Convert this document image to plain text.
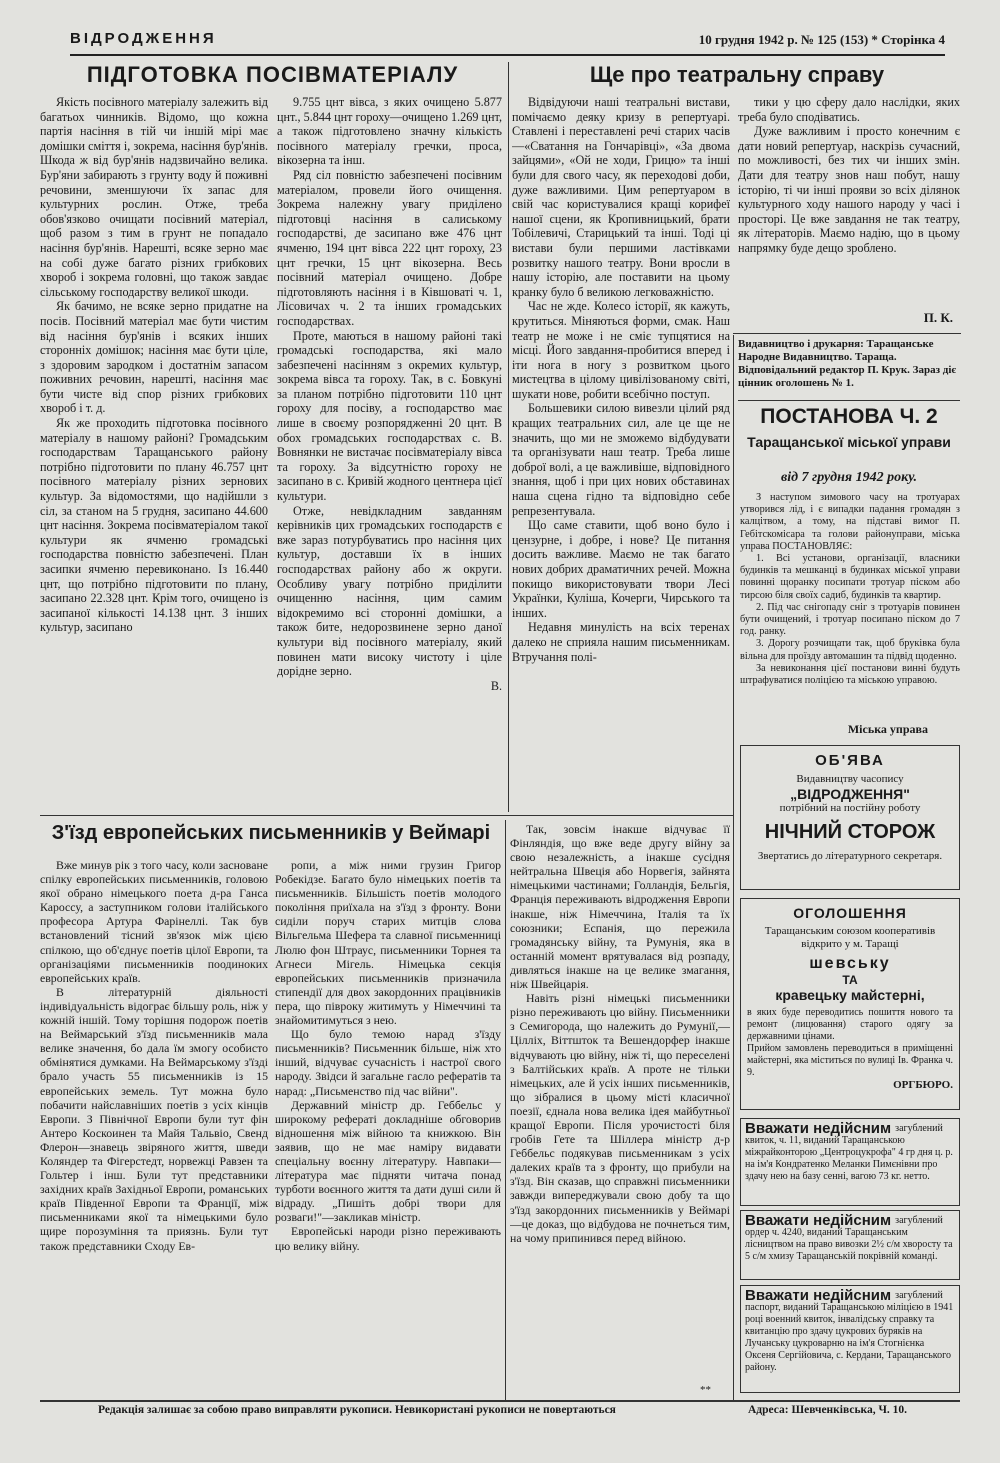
ВІДРОДЖЕННЯ	10 грудня 1942 р. № 125 (153) * Сторінка 4
ПІДГОТОВКА ПОСІВМАТЕРІАЛУ

Якість посівного матеріалу залежить від багатьох чинників. Відомо, що кожна партія насіння в тій чи іншій мірі має домішки сміття і, зокрема, насіння бур'янів. Шкода ж від бур'янів надзвичайно велика. Бур'яни забирають з грунту воду й поживні речовини, зменшуючи їх запас для культурних рослин. Отже, треба обов'язково очищати посівний матеріал, щоб разом з тим в грунт не попадало насіння бур'янів. Нарешті, всяке зерно має на собі дуже багато різних грибкових хвороб і зокрема головні, що також завдає сільському господарству великої шкоди.

Як бачимо, не всяке зерно придатне на посів. Посівний матеріал має бути чистим від насіння бур'янів і всяких інших сторонніх домішок; насіння має бути ціле, з здоровим зародком і достатнім запасом поживних речовин, нарешті, насіння має бути чисте від спор різних грибкових хвороб і т. д.

Як же проходить підготовка посівного матеріалу в нашому районі? Громадським господарствам Таращанського району потрібно підготовити по плану 46.757 цнт посівного матеріалу різних зернових культур. За відомостями, що надійшли з сіл, за станом на 5 грудня, засипано 44.600 цнт насіння. Зокрема посівматеріалом такої культури як ячменю громадські господарства повністю забезпечені. План засипки ячменю перевиконано. Із 16.440 цнт, що потрібно підготовити по плану, засипано 22.328 цнт. Крім того, очищено із засипаної кількості 14.138 цнт. З інших культур, засипано

9.755 цнт вівса, з яких очищено 5.877 цнт., 5.844 цнт гороху—очищено 1.269 цнт, а також підготовлено значну кількість посівного матеріалу гречки, проса, вікозерна та інш.

Ряд сіл повністю забезпечені посівним матеріалом, провели його очищення. Зокрема належну увагу приділено підготовці насіння в салиському господарстві, де засипано вже 476 цнт ячменю, 194 цнт вівса 222 цнт гороху, 23 цнт гречки, 15 цнт вікозерна. Весь посівний матеріал очищено. Добре підготовляють насіння і в Ківшоваті ч. 1, Лісовичах ч. 2 та інших громадських господарствах.

Проте, маються в нашому районі такі громадські господарства, які мало забезпечені насінням з окремих культур, зокрема вівса та гороху. Так, в с. Бовкуні за планом потрібно підготовити 110 цнт гороху для посіву, а господарство має лише в своєму розпорядженні 20 цнт. В обох громадських господарствах с. В. Вовнянки не вистачає посівматеріалу вівса та гороху. За відсутністю гороху не засипано в с. Кривій жодного центнера цієї культури.

Отже, невідкладним завданням керівників цих громадських господарств є вже зараз потурбуватись про насіння цих культур, доставши їх в інших господарствах району або ж округи. Особливу увагу потрібно приділити очищенню насіння, цим самим відокремимо всі сторонні домішки, а також бите, недорозвинене зерно даної культури від посівного матеріалу, який повинен мати високу чистоту і ціле дорідне зерно.

В.

Ще про театральну справу

Відвідуючи наші театральні вистави, помічаємо деяку кризу в репертуарі. Ставлені і переставлені речі старих часів—«Сватання на Гончарівці», «За двома зайцями», «Ой не ходи, Грицю» та інші були для свого часу, як переходові доби, дуже важливими. Цим репертуаром в свій час користувалися кращі корифеї нашої сцени, як Кропивницький, брати Тобілевичі, Старицький та інші. Тоді ці вистави були першими ластівками розвитку нашого театру. Вони вросли в нашу історію, але поставити на цьому кранку було б великою легковажністю.

Час не жде. Колесо історії, як кажуть, крутиться. Міняються форми, смак. Наш театр не може і не сміє тупцятися на місці. Його завдання-пробитися вперед і іти нога в ногу з розвитком цього мистецтва в цілому цивілізованому світі, шукати нове, робити всебічно поступ.

Большевики силою вивезли цілий ряд кращих театральних сил, але це ще не значить, що ми не зможемо відбудувати та організувати наш театр. Треба лише доброї волі, а це важливіше, відповідного знання, щоб і при цих нових обставинах наша сцена гідно та відповідно себе репрезентувала.

Що саме ставити, щоб воно було і цензурне, і добре, і нове? Це питання досить важливе. Маємо не так багато нових добрих драматичних речей. Можна покищо використовувати твори Лесі Українки, Куліша, Кочерги, Чирського та інших.

Недавня минулість на всіх теренах далеко не сприяла нашим письменникам. Втручання полі-

тики у цю сферу дало наслідки, яких треба було сподіватись.

Дуже важливим і просто конечним є дати новий репертуар, наскрізь сучасний, по можливості, без тих чи інших змін. Дати для театру знов наш побут, нашу історію, ті чи інші прояви зо всіх ділянок культурного ходу нашого народу у часі і просторі. Це вже завдання не так театру, як літераторів. Маємо надію, що в цьому напрямку буде дещо зроблено.

П. К.
Видавництво і друкарня: Таращанське Народне Видавництво. Тараща. Відповідальний редактор П. Крук. Зараз діє цінник оголошень № 1.
ПОСТАНОВА Ч. 2
Таращанської міської управи
від 7 грудня 1942 року.

З наступом зимового часу на тротуарах утворився лід, і є випадки падання громадян з калцітвом, а тому, на підставі вимог П. Гебітскомісара та голови районуправи, міська управа ПОСТАНОВЛЯЄ:

1. Всі установи, організації, власники будинків та мешканці в будинках міської управи повинні щоранку посипати тротуар піском або тирсою біля своїх садиб, будинків та квартир.

2. Під час снігопаду сніг з тротуарів повинен бути очищений, і тротуар посипано піском до 7 год. ранку.

3. Дорогу розчищати так, щоб бруківка була вільна для проїзду автомашин та підвід щоденно.

За невиконання цієї постанови винні будуть штрафуватися поліцією та міською управою.

Міська управа
ОБ'ЯВА
Видавництву часопису
„ВІДРОДЖЕННЯ"
потрібний на постійну роботу
НІЧНИЙ СТОРОЖ
Звертатись до літературного секретаря.
ОГОЛОШЕННЯ
Таращанським союзом кооперативів відкрито у м. Таращі
шевську
ТА
кравецьку майстерні,
в яких буде переводитись пошиття нового та ремонт (лицювання) старого одягу за державними цінами.
Прийом замовлень переводиться в приміщенні майстерні, яка міститься по вулиці Ів. Франка ч. 9.
ОРГБЮРО.
Вважати недійсним загублений квиток, ч. 11, виданий Таращанською міжрайконторою „Центроцукрофа" 4 гр дня ц. р. на ім'я Кондратенко Меланки Пимєнівни про здачу нею на базу сенні, вагою 73 кг. нетто.
Вважати недійсним загублений ордер ч. 4240, виданий Таращанським лісництвом на право вивозки 2½ с/м хворосту та 5 с/м хмизу Таращанській покрівній команді.
Вважати недійсним загублений паспорт, виданий Таращанською міліцією в 1941 році военний квиток, інвалідську справку та квитанцію про здачу цукрових буряків на Лучанську цукроварню на ім'я Стогнієнка Оксеня Сергійовича, с. Кердани, Таращанського району.
З'їзд европейських письменників у Веймарі

Вже минув рік з того часу, коли засноване спілку европейських письменників, головою якої обрано німецького поета д-ра Ганса Кароссу, а заступником голови італійського професора Артура Фарінеллі. Так був встановлений тісний зв'язок між цією спілкою, що об'єднує поетів цілої Европи, та організаціями письменників поодиноких европейських країв.

В літературній діяльності індивідуальність відограє більшу роль, ніж у кожній іншій. Тому торішня подорож поетів на Веймарський з'їзд письменників мала велике значення, бо дала їм змогу особисто обмінятися думками. На Веймарському з'їзді брало участь 55 письменників із 15 европейських земель. Тут можна було побачити найславніших поетів з усіх кінців Европи. З Північної Европи були тут фін Антеро Коскоинен та Майя Тальвіо, Свенд Флерон—знавець звіряного життя, шведи Коляндер та Фігерстедт, норвежці Равзен та Гольтер і інш. Були тут представники західних країв Західньої Европи, романських країв Південної Европи та Франції, між письменниками якої та німецькими було щире порозуміння та приязнь. Були тут також представники Сходу Ев-

ропи, а між ними грузин Григор Робекідзе. Багато було німецьких поетів та письменників. Більшість поетів молодого покоління приїхала на з'їзд з фронту. Вони сиділи поруч старих митців слова Вільгельма Шефера та славної письменниці Люлю фон Штраус, письменники Торнея та Агнеси Мігель. Німецька секція европейських письменників призначила стипендії для двох закордонних працівників пера, що півроку житимуть у Німеччині та знайомитимуться з нею.

Що було темою нарад з'їзду письменників? Письменник більше, ніж хто інший, відчуває сучасність і настрої свого народу. Звідси й загальне гасло рефератів та нарад: „Письменство під час війни".

Державний міністр др. Геббельс у широкому рефераті докладніше обговорив відношення між війною та книжкою. Він заявив, що не має наміру видавати спеціальну воєнну літературу. Навпаки—література має підняти читача понад турботи воєнного життя та дати душі сили й відраду. „Пишіть добрі твори для розваги!"—закликав міністр.

Европейські народи різно переживають цю велику війну.

Так, зовсім інакше відчуває її Фінляндія, що вже веде другу війну за свою незалежність, а інакше сусідня нейтральна Швеція або Норвегія, зайнята німецькими частинами; Голландія, Бельгія, Франція переживають відродження Европи інакше, ніж Німеччина, Італія та їх союзники; Еспанія, що пережила громадянську війну, та Румунія, яка в останній момент врятувалася від розпаду, дивляться інакше на це велике змагання, ніж Швейцарія.

Навіть різні німецькі письменники різно переживають цю війну. Письменники з Семигорода, що належить до Румунії,—Цілліх, Віттшток та Вешендорфер інакше відчувають цю війну, ніж ті, що переселені з Балтійських країв. А проте не тільки німецьких, але й усіх інших письменників, що зібралися в цьому місті класичної поезії, єднала нова велика ідея майбутньої кращої Европи. Після урочистості біля гробів Гете та Шіллера міністр д-р Геббельс подякував письменникам з усіх далеких країв та з фронту, що прибули на з'їзд. Він сказав, що справжні письменники завжди випереджували свою добу та що з'їзд закордонних письменників у Веймарі—це доказ, що відбудова не почнеться тим, на чому припинився перед війною.

**
Редакція залишає за собою право виправляти рукописи. Невикористані рукописи не повертаються	Адреса: Шевченківська, Ч. 10.
